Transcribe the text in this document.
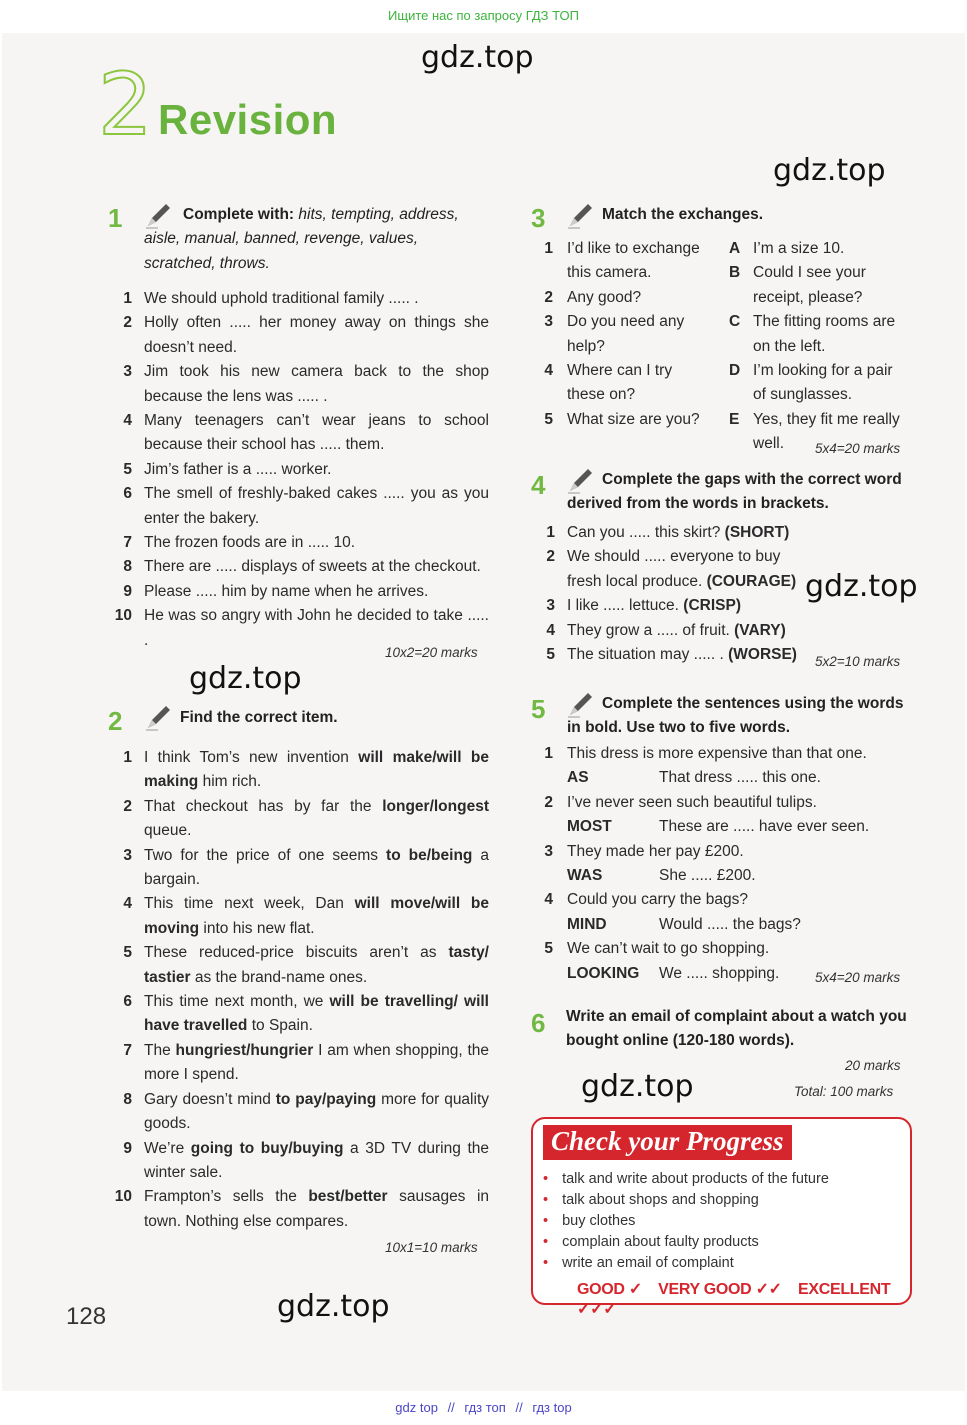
Ищите нас по запросу ГДЗ ТОП
gdz.top
gdz.top
gdz.top
gdz.top
gdz.top
gdz.top
2 Revision
1	Complete with: hits, tempting, address, aisle, manual, banned, revenge, values, scratched, throws.
1 We should uphold traditional family ..... .
2 Holly often ..... her money away on things she doesn’t need.
3 Jim took his new camera back to the shop because the lens was ..... .
4 Many teenagers can’t wear jeans to school because their school has ..... them.
5 Jim’s father is a ..... worker.
6 The smell of freshly-baked cakes ..... you as you enter the bakery.
7 The frozen foods are in ..... 10.
8 There are ..... displays of sweets at the checkout.
9 Please ..... him by name when he arrives.
10 He was so angry with John he decided to take ..... .
10x2=20 marks
2	Find the correct item.
1 I think Tom’s new invention will make/will be making him rich.
2 That checkout has by far the longer/longest queue.
3 Two for the price of one seems to be/being a bargain.
4 This time next week, Dan will move/will be moving into his new flat.
5 These reduced-price biscuits aren’t as tasty/ tastier as the brand-name ones.
6 This time next month, we will be travelling/ will have travelled to Spain.
7 The hungriest/hungrier I am when shopping, the more I spend.
8 Gary doesn’t mind to pay/paying more for quality goods.
9 We’re going to buy/buying a 3D TV during the winter sale.
10 Frampton’s sells the best/better sausages in town. Nothing else compares.
10x1=10 marks
3	Match the exchanges.
1 I’d like to exchange	A I’m a size 10.
this camera.	B Could I see your
2 Any good?	receipt, please?
3 Do you need any	C The fitting rooms are
help?	on the left.
4 Where can I try	D I’m looking for a pair
these on?	of sunglasses.
5 What size are you?	E Yes, they fit me really
well.	5x4=20 marks
4	Complete the gaps with the correct word derived from the words in brackets.
1 Can you ..... this skirt? (SHORT)
2 We should ..... everyone to buy fresh local produce. (COURAGE)
3 I like ..... lettuce. (CRISP)
4 They grow a ..... of fruit. (VARY)
5 The situation may ..... . (WORSE)	5x2=10 marks
5	Complete the sentences using the words in bold. Use two to five words.
1 This dress is more expensive than that one.
AS	That dress ..... this one.
2 I’ve never seen such beautiful tulips.
MOST	These are ..... have ever seen.
3 They made her pay £200.
WAS	She ..... £200.
4 Could you carry the bags?
MIND	Would ..... the bags?
5 We can’t wait to go shopping.
LOOKING We ..... shopping.	5x4=20 marks
6 Write an email of complaint about a watch you bought online (120-180 words).
20 marks
Total: 100 marks
Check your Progress
• talk and write about products of the future
• talk about shops and shopping
• buy clothes
• complain about faulty products
• write an email of complaint
GOOD ✓ VERY GOOD ✓✓ EXCELLENT ✓✓✓
128
gdz top // гдз топ // гдз top
